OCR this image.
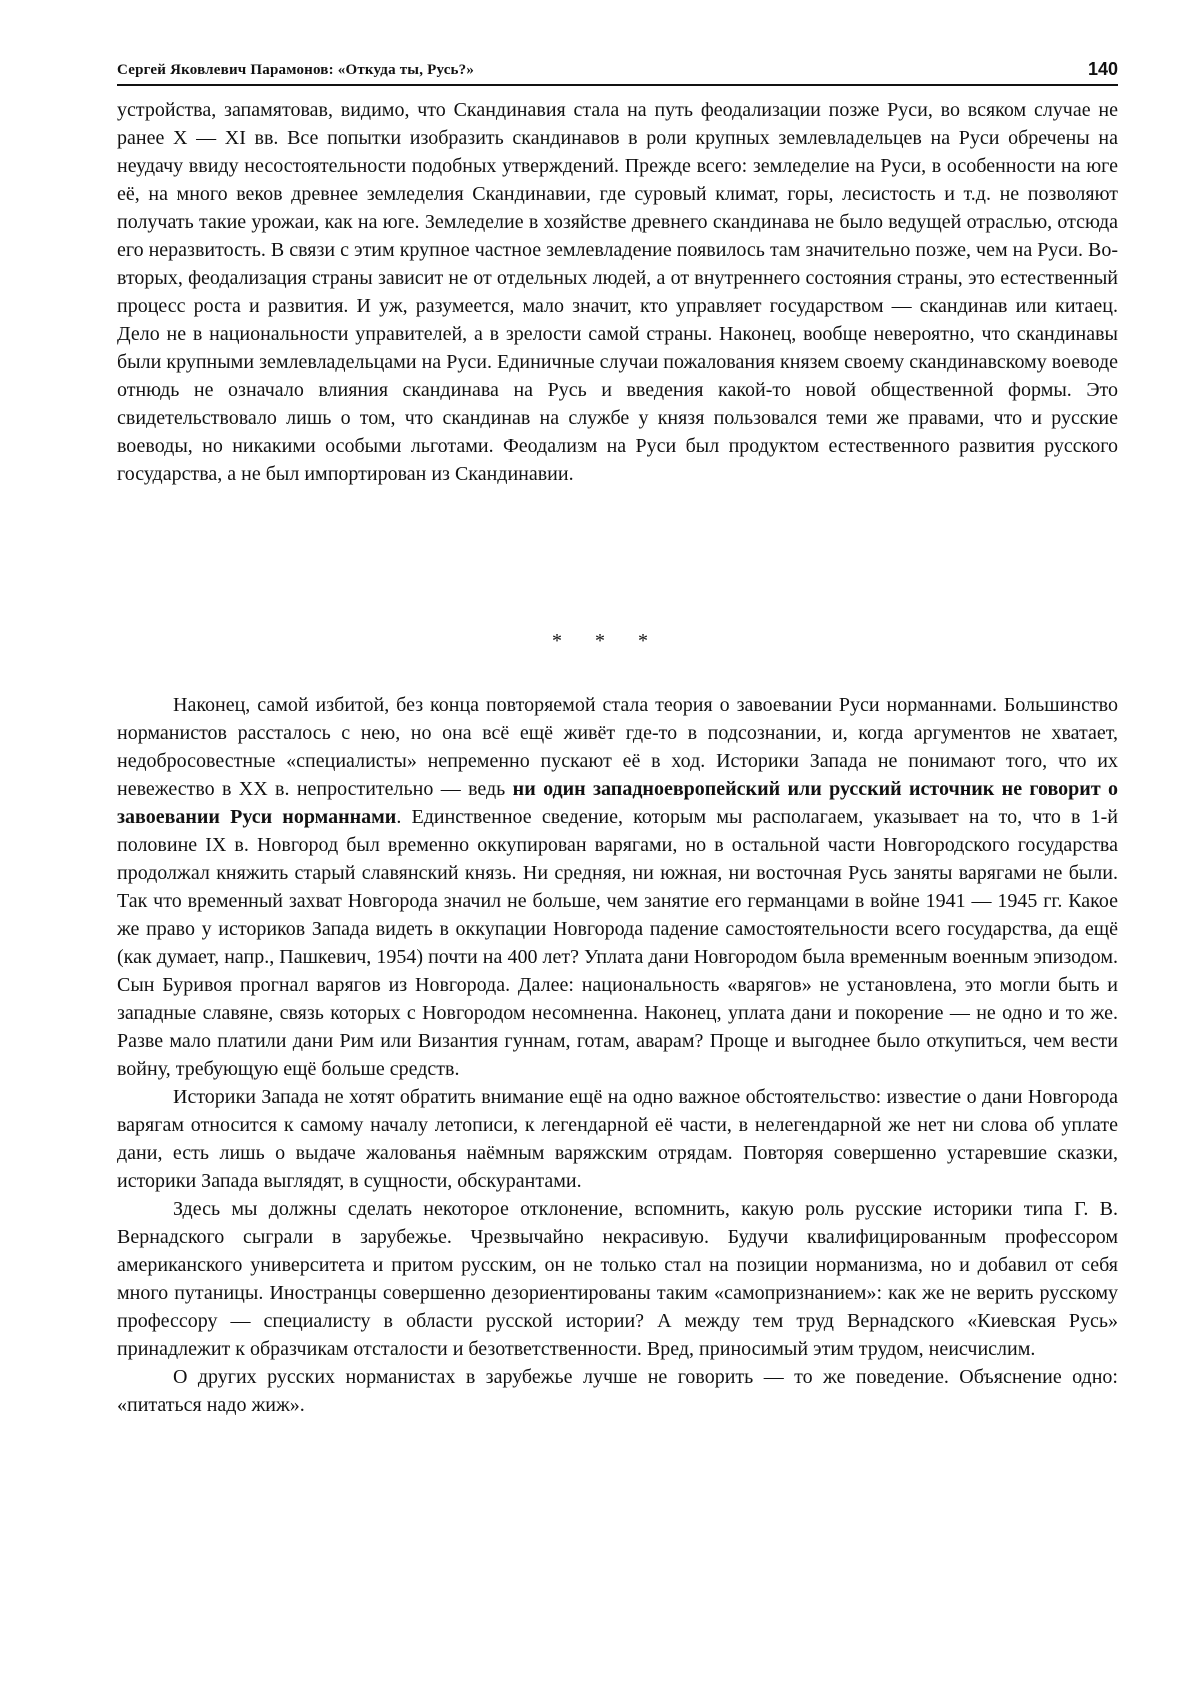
Сергей Яковлевич Парамонов: «Откуда ты, Русь?»	140

устройства, запамятовав, видимо, что Скандинавия стала на путь феодализации позже Руси, во всяком случае не ранее X — XI вв. Все попытки изобразить скандинавов в роли крупных землевладельцев на Руси обречены на неудачу ввиду несостоятельности подобных утверждений. Прежде всего: земледелие на Руси, в особенности на юге её, на много веков древнее земледелия Скандинавии, где суровый климат, горы, лесистость и т.д. не позволяют получать такие урожаи, как на юге. Земледелие в хозяйстве древнего скандинава не было ведущей отраслью, отсюда его неразвитость. В связи с этим крупное частное землевладение появилось там значительно позже, чем на Руси. Во-вторых, феодализация страны зависит не от отдельных людей, а от внутреннего состояния страны, это естественный процесс роста и развития. И уж, разумеется, мало значит, кто управляет государством — скандинав или китаец. Дело не в национальности управителей, а в зрелости самой страны. Наконец, вообще невероятно, что скандинавы были крупными землевладельцами на Руси. Единичные случаи пожалования князем своему скандинавскому воеводе отнюдь не означало влияния скандинава на Русь и введения какой-то новой общественной формы. Это свидетельствовало лишь о том, что скандинав на службе у князя пользовался теми же правами, что и русские воеводы, но никакими особыми льготами. Феодализм на Руси был продуктом естественного развития русского государства, а не был импортирован из Скандинавии.

* * *

Наконец, самой избитой, без конца повторяемой стала теория о завоевании Руси норманнами. Большинство норманистов рассталось с нею, но она всё ещё живёт где-то в подсознании, и, когда аргументов не хватает, недобросовестные «специалисты» непременно пускают её в ход. Историки Запада не понимают того, что их невежество в XX в. непростительно — ведь ни один западноевропейский или русский источник не говорит о завоевании Руси норманнами. Единственное сведение, которым мы располагаем, указывает на то, что в 1-й половине IX в. Новгород был временно оккупирован варягами, но в остальной части Новгородского государства продолжал княжить старый славянский князь. Ни средняя, ни южная, ни восточная Русь заняты варягами не были. Так что временный захват Новгорода значил не больше, чем занятие его германцами в войне 1941 — 1945 гг. Какое же право у историков Запада видеть в оккупации Новгорода падение самостоятельности всего государства, да ещё (как думает, напр., Пашкевич, 1954) почти на 400 лет? Уплата дани Новгородом была временным военным эпизодом. Сын Буривоя прогнал варягов из Новгорода. Далее: национальность «варягов» не установлена, это могли быть и западные славяне, связь которых с Новгородом несомненна. Наконец, уплата дани и покорение — не одно и то же. Разве мало платили дани Рим или Византия гуннам, готам, аварам? Проще и выгоднее было откупиться, чем вести войну, требующую ещё больше средств.

Историки Запада не хотят обратить внимание ещё на одно важное обстоятельство: известие о дани Новгорода варягам относится к самому началу летописи, к легендарной её части, в нелегендарной же нет ни слова об уплате дани, есть лишь о выдаче жалованья наёмным варяжским отрядам. Повторяя совершенно устаревшие сказки, историки Запада выглядят, в сущности, обскурантами.

Здесь мы должны сделать некоторое отклонение, вспомнить, какую роль русские историки типа Г. В. Вернадского сыграли в зарубежье. Чрезвычайно некрасивую. Будучи квалифицированным профессором американского университета и притом русским, он не только стал на позиции норманизма, но и добавил от себя много путаницы. Иностранцы совершенно дезориентированы таким «самопризнанием»: как же не верить русскому профессору — специалисту в области русской истории? А между тем труд Вернадского «Киевская Русь» принадлежит к образчикам отсталости и безответственности. Вред, приносимый этим трудом, неисчислим.

О других русских норманистах в зарубежье лучше не говорить — то же поведение. Объяснение одно: «питаться надо жиж».
